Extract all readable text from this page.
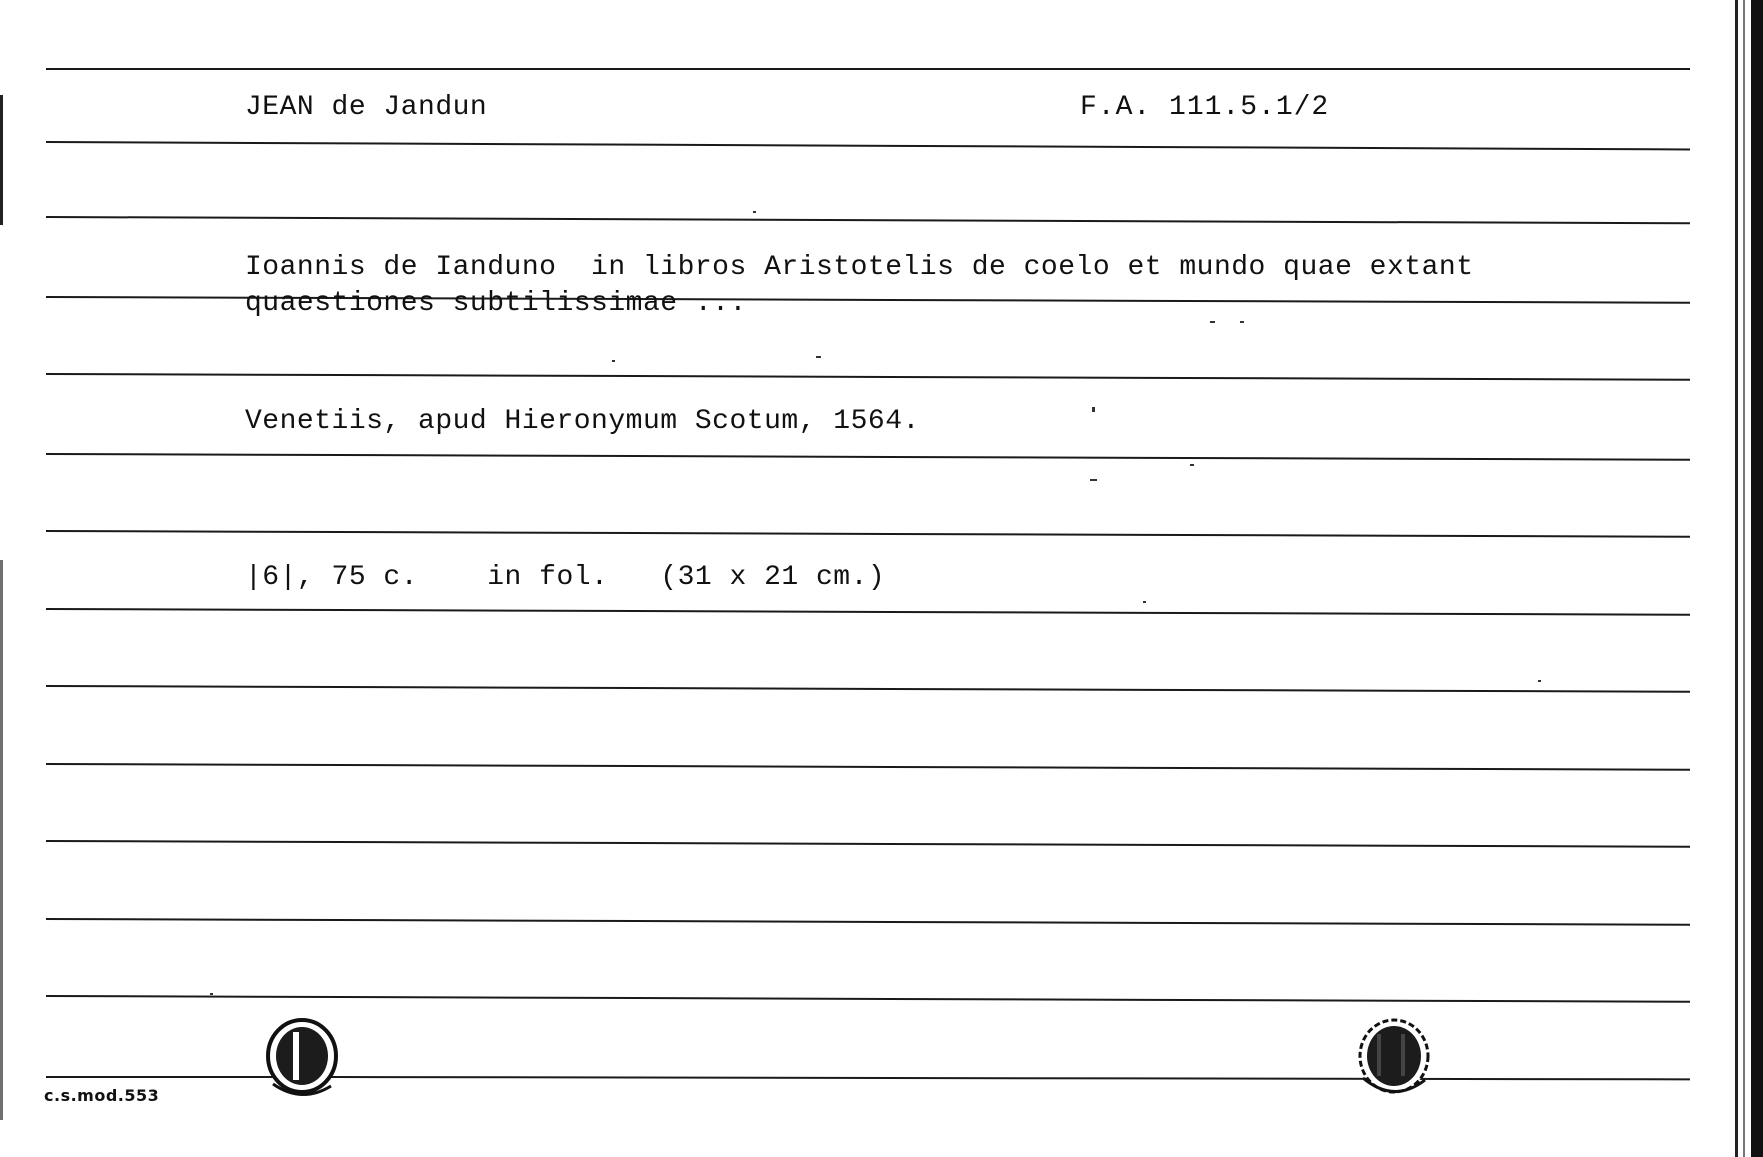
JEAN de Jandun	F.A. 111.5.1/2
Ioannis de Ianduno  in libros Aristotelis de coelo et mundo quae extant
quaestiones subtilissimae ...
Venetiis, apud Hieronymum Scotum, 1564.
|6|, 75 c.    in fol.   (31 x 21 cm.)
c.s.mod.553
